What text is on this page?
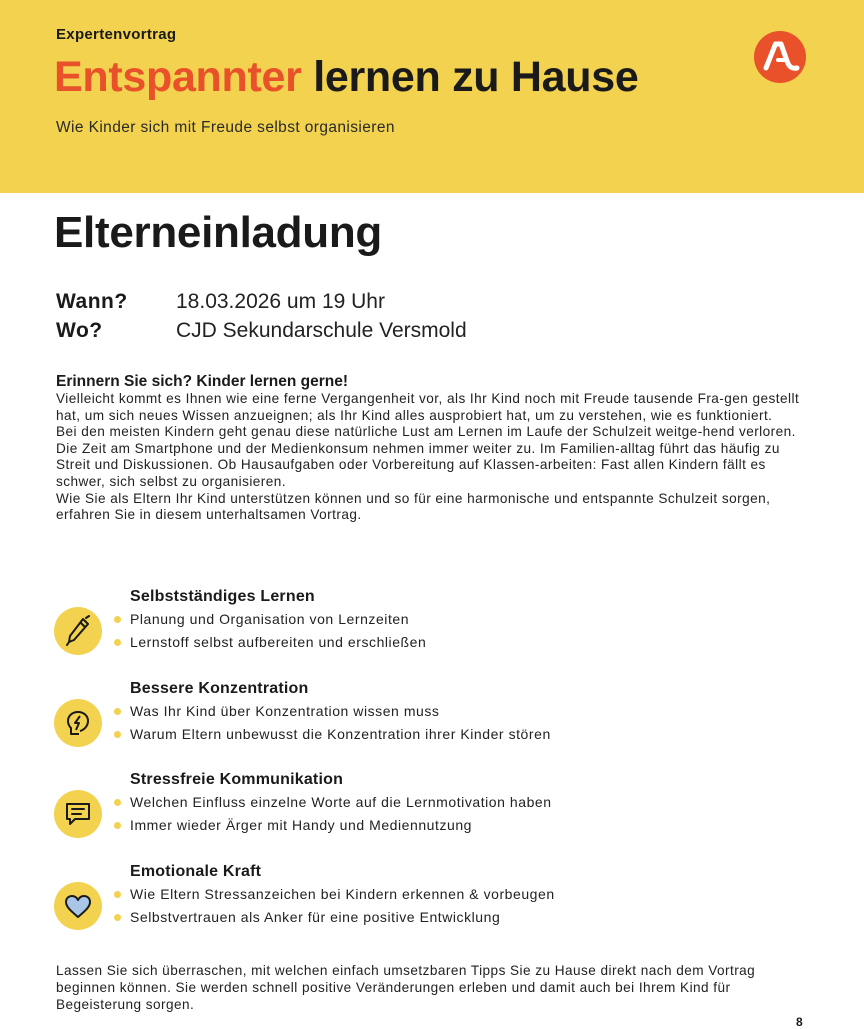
Expertenvortrag
Entspannter lernen zu Hause
Wie Kinder sich mit Freude selbst organisieren
Elterneinladung
Wann?	18.03.2026 um 19 Uhr
Wo?	CJD Sekundarschule Versmold
Erinnern Sie sich? Kinder lernen gerne!

Vielleicht kommt es Ihnen wie eine ferne Vergangenheit vor, als Ihr Kind noch mit Freude tausende Fra-gen gestellt hat, um sich neues Wissen anzueignen; als Ihr Kind alles ausprobiert hat, um zu verstehen, wie es funktioniert.

Bei den meisten Kindern geht genau diese natürliche Lust am Lernen im Laufe der Schulzeit weitge-hend verloren. Die Zeit am Smartphone und der Medienkonsum nehmen immer weiter zu. Im Familien-alltag führt das häufig zu Streit und Diskussionen. Ob Hausaufgaben oder Vorbereitung auf Klassen-arbeiten: Fast allen Kindern fällt es schwer, sich selbst zu organisieren.

Wie Sie als Eltern Ihr Kind unterstützen können und so für eine harmonische und entspannte Schulzeit sorgen, erfahren Sie in diesem unterhaltsamen Vortrag.

Selbstständiges Lernen
Planung und Organisation von Lernzeiten
Lernstoff selbst aufbereiten und erschließen
Bessere Konzentration
Was Ihr Kind über Konzentration wissen muss
Warum Eltern unbewusst die Konzentration ihrer Kinder stören
Stressfreie Kommunikation
Welchen Einfluss einzelne Worte auf die Lernmotivation haben
Immer wieder Ärger mit Handy und Mediennutzung
Emotionale Kraft
Wie Eltern Stressanzeichen bei Kindern erkennen & vorbeugen
Selbstvertrauen als Anker für eine positive Entwicklung

Lassen Sie sich überraschen, mit welchen einfach umsetzbaren Tipps Sie zu Hause direkt nach dem Vortrag beginnen können. Sie werden schnell positive Veränderungen erleben und damit auch bei Ihrem Kind für Begeisterung sorgen.

8
